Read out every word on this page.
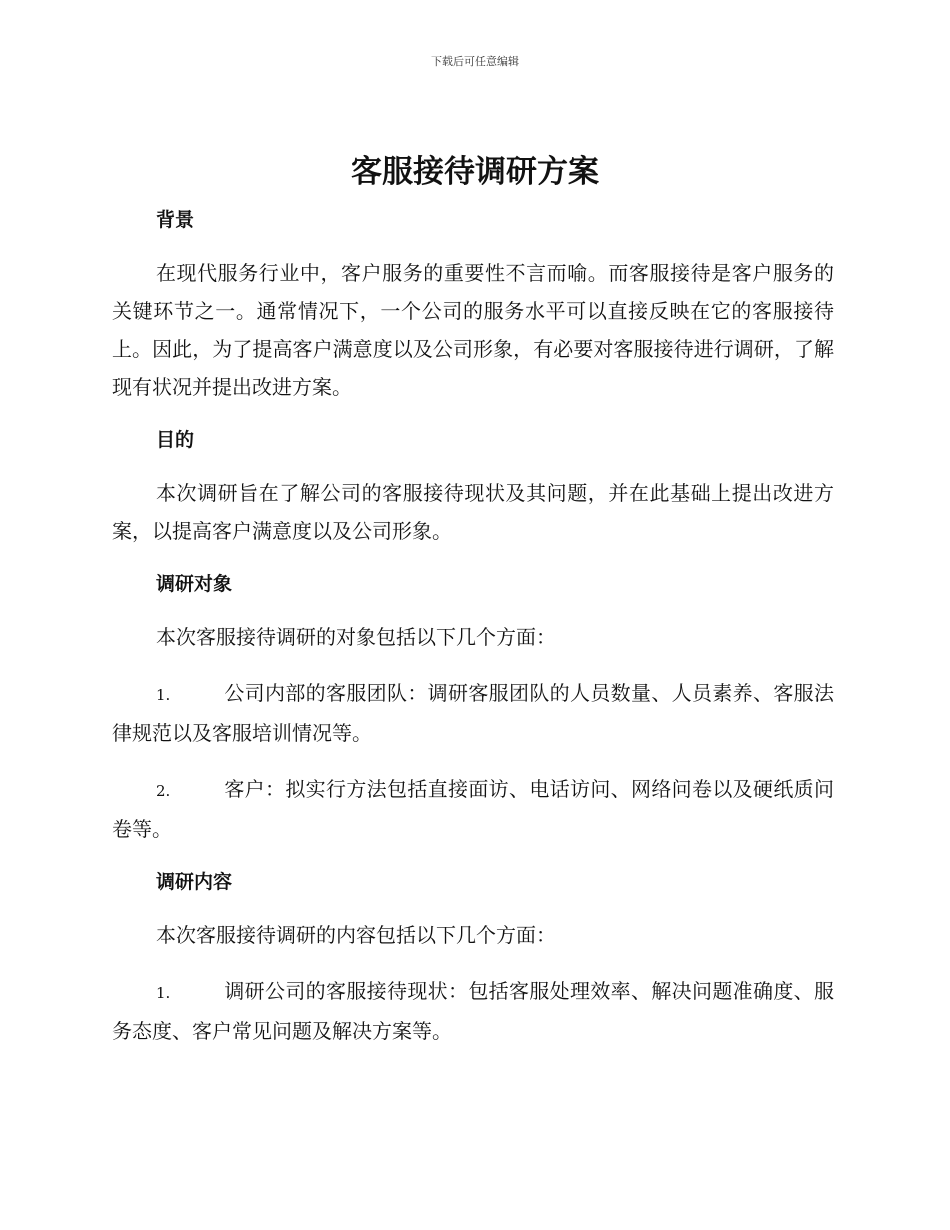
下载后可任意编辑
客服接待调研方案
背景

在现代服务行业中，客户服务的重要性不言而喻。而客服接待是客户服务的关键环节之一。通常情况下，一个公司的服务水平可以直接反映在它的客服接待上。因此，为了提高客户满意度以及公司形象，有必要对客服接待进行调研，了解现有状况并提出改进方案。

目的

本次调研旨在了解公司的客服接待现状及其问题，并在此基础上提出改进方案，以提高客户满意度以及公司形象。

调研对象

本次客服接待调研的对象包括以下几个方面：

1.	公司内部的客服团队：调研客服团队的人员数量、人员素养、客服法律规范以及客服培训情况等。

2.	客户：拟实行方法包括直接面访、电话访问、网络问卷以及硬纸质问卷等。

调研内容

本次客服接待调研的内容包括以下几个方面：

1.	调研公司的客服接待现状：包括客服处理效率、解决问题准确度、服务态度、客户常见问题及解决方案等。
